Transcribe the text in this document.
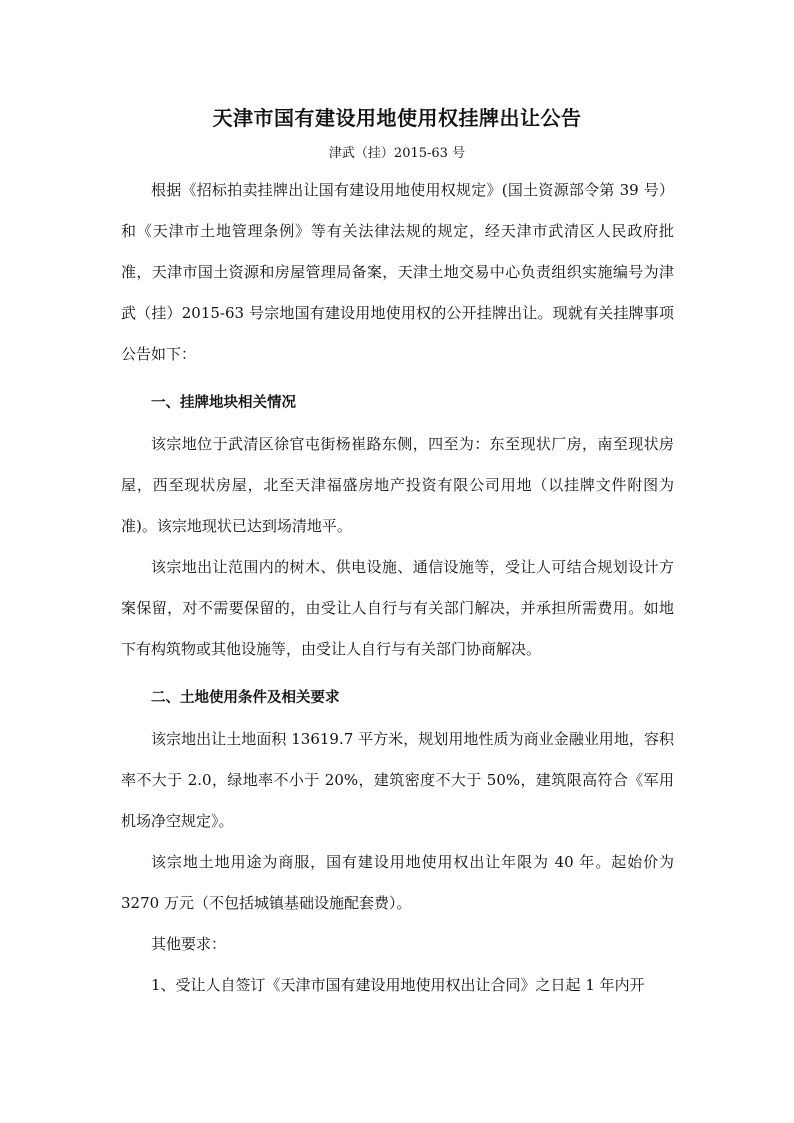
天津市国有建设用地使用权挂牌出让公告
津武（挂）2015-63 号

根据《招标拍卖挂牌出让国有建设用地使用权规定》(国土资源部令第 39 号）和《天津市土地管理条例》等有关法律法规的规定，经天津市武清区人民政府批准，天津市国土资源和房屋管理局备案，天津土地交易中心负责组织实施编号为津武（挂）2015-63 号宗地国有建设用地使用权的公开挂牌出让。现就有关挂牌事项公告如下：

一、挂牌地块相关情况

该宗地位于武清区徐官屯街杨崔路东侧，四至为：东至现状厂房，南至现状房屋，西至现状房屋，北至天津福盛房地产投资有限公司用地（以挂牌文件附图为准)。该宗地现状已达到场清地平。

该宗地出让范围内的树木、供电设施、通信设施等，受让人可结合规划设计方案保留，对不需要保留的，由受让人自行与有关部门解决，并承担所需费用。如地下有构筑物或其他设施等，由受让人自行与有关部门协商解决。

二、土地使用条件及相关要求

该宗地出让土地面积 13619.7 平方米，规划用地性质为商业金融业用地，容积率不大于 2.0，绿地率不小于 20%，建筑密度不大于 50%，建筑限高符合《军用机场净空规定》。

该宗地土地用途为商服，国有建设用地使用权出让年限为 40 年。起始价为 3270 万元（不包括城镇基础设施配套费）。

其他要求：

1、受让人自签订《天津市国有建设用地使用权出让合同》之日起 1 年内开
